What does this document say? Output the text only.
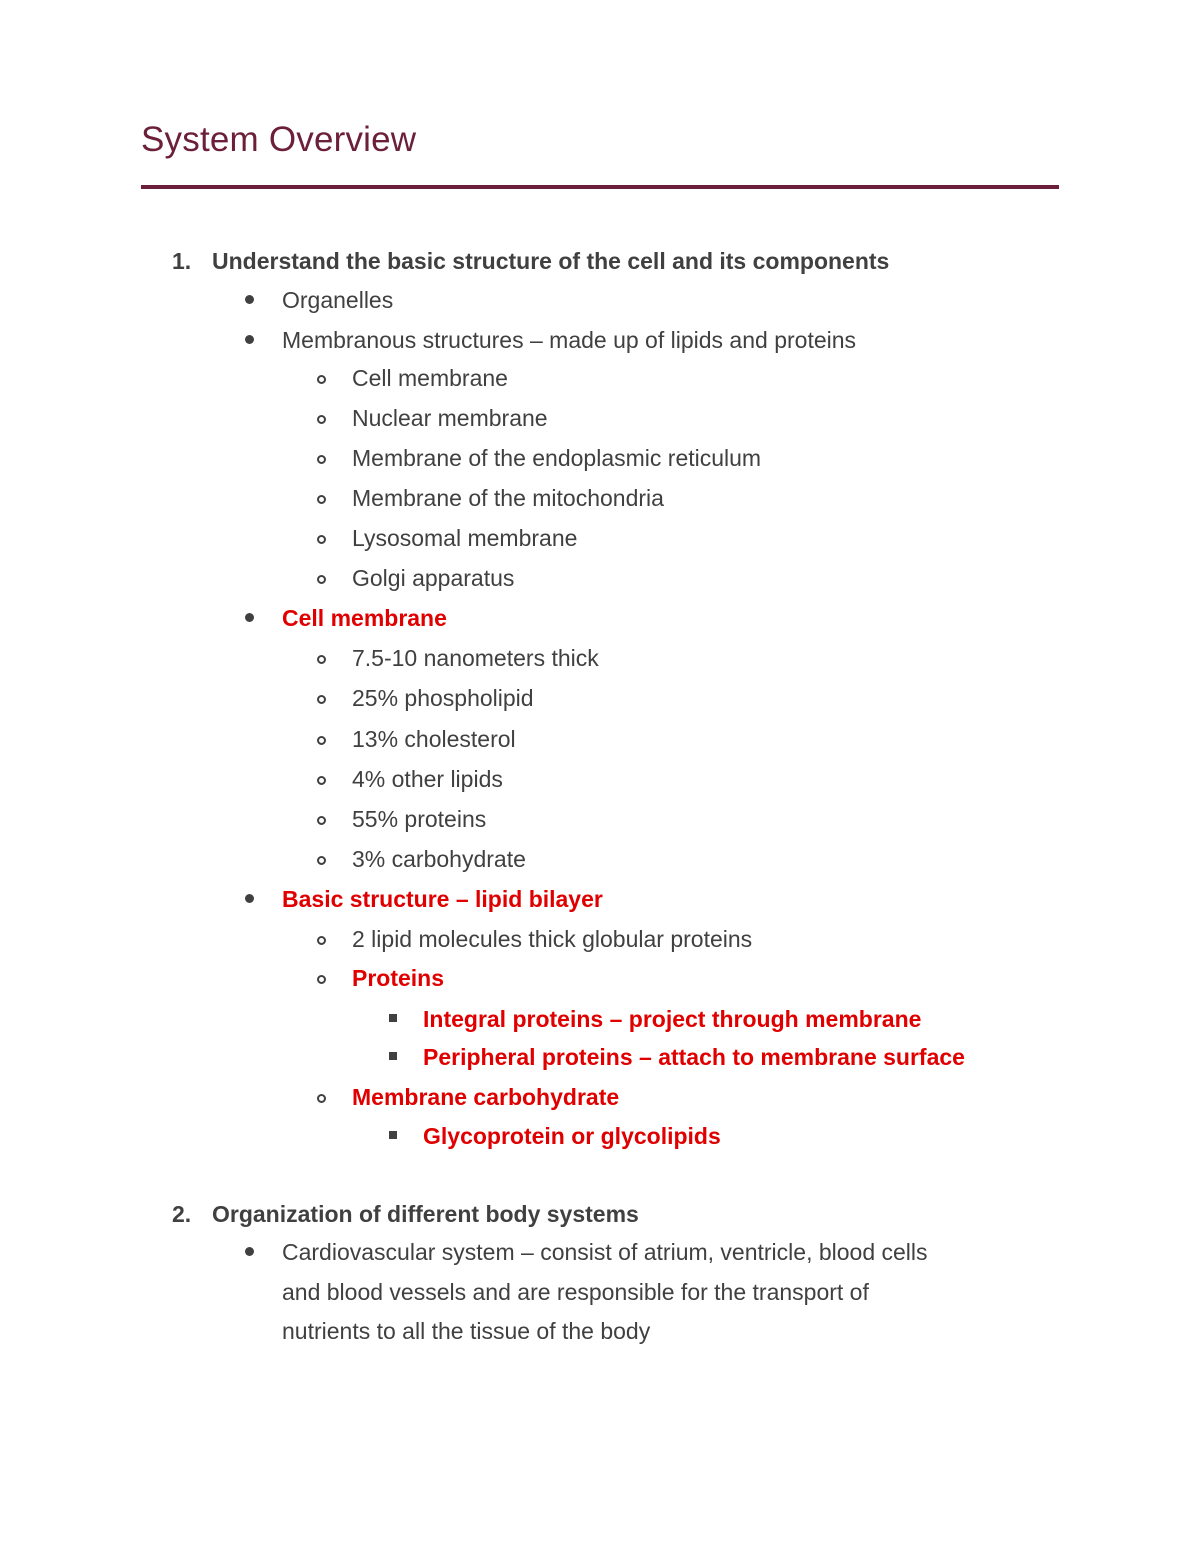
System Overview
1. Understand the basic structure of the cell and its components
Organelles
Membranous structures – made up of lipids and proteins
Cell membrane
Nuclear membrane
Membrane of the endoplasmic reticulum
Membrane of the mitochondria
Lysosomal membrane
Golgi apparatus
Cell membrane
7.5-10 nanometers thick
25% phospholipid
13% cholesterol
4% other lipids
55% proteins
3% carbohydrate
Basic structure – lipid bilayer
2 lipid molecules thick globular proteins
Proteins
Integral proteins – project through membrane
Peripheral proteins – attach to membrane surface
Membrane carbohydrate
Glycoprotein or glycolipids
2. Organization of different body systems
Cardiovascular system – consist of atrium, ventricle, blood cells
and blood vessels and are responsible for the transport of
nutrients to all the tissue of the body
